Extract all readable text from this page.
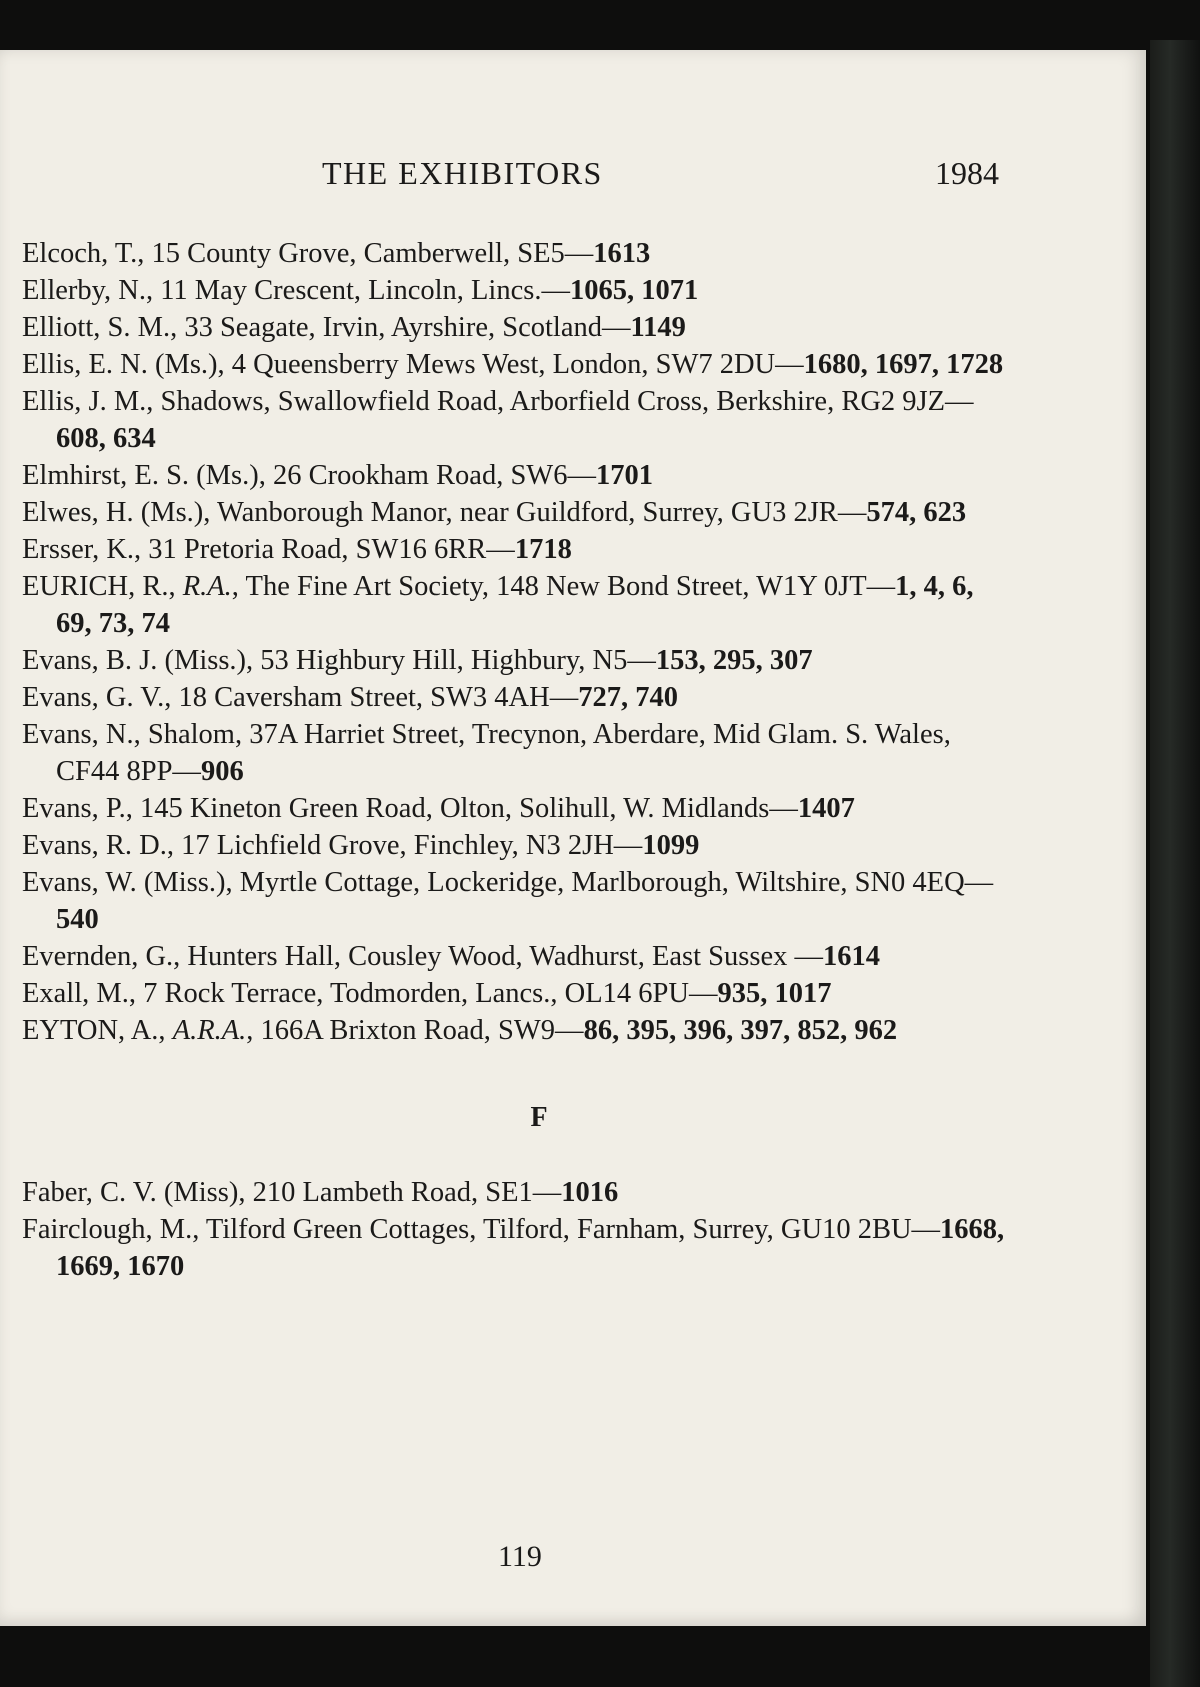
THE EXHIBITORS	1984

Elcoch, T., 15 County Grove, Camberwell, SE5—1613

Ellerby, N., 11 May Crescent, Lincoln, Lincs.—1065, 1071

Elliott, S. M., 33 Seagate, Irvin, Ayrshire, Scotland—1149

Ellis, E. N. (Ms.), 4 Queensberry Mews West, London, SW7 2DU—1680, 1697, 1728

Ellis, J. M., Shadows, Swallowfield Road, Arborfield Cross, Berkshire, RG2 9JZ—608, 634

Elmhirst, E. S. (Ms.), 26 Crookham Road, SW6—1701

Elwes, H. (Ms.), Wanborough Manor, near Guildford, Surrey, GU3 2JR—574, 623

Ersser, K., 31 Pretoria Road, SW16 6RR—1718

EURICH, R., R.A., The Fine Art Society, 148 New Bond Street, W1Y 0JT—1, 4, 6, 69, 73, 74

Evans, B. J. (Miss.), 53 Highbury Hill, Highbury, N5—153, 295, 307

Evans, G. V., 18 Caversham Street, SW3 4AH—727, 740

Evans, N., Shalom, 37A Harriet Street, Trecynon, Aberdare, Mid Glam. S. Wales, CF44 8PP—906

Evans, P., 145 Kineton Green Road, Olton, Solihull, W. Midlands—1407

Evans, R. D., 17 Lichfield Grove, Finchley, N3 2JH—1099

Evans, W. (Miss.), Myrtle Cottage, Lockeridge, Marlborough, Wiltshire, SN0 4EQ—540

Evernden, G., Hunters Hall, Cousley Wood, Wadhurst, East Sussex —1614

Exall, M., 7 Rock Terrace, Todmorden, Lancs., OL14 6PU—935, 1017

EYTON, A., A.R.A., 166A Brixton Road, SW9—86, 395, 396, 397, 852, 962

F

Faber, C. V. (Miss), 210 Lambeth Road, SE1—1016

Fairclough, M., Tilford Green Cottages, Tilford, Farnham, Surrey, GU10 2BU—1668, 1669, 1670

119
